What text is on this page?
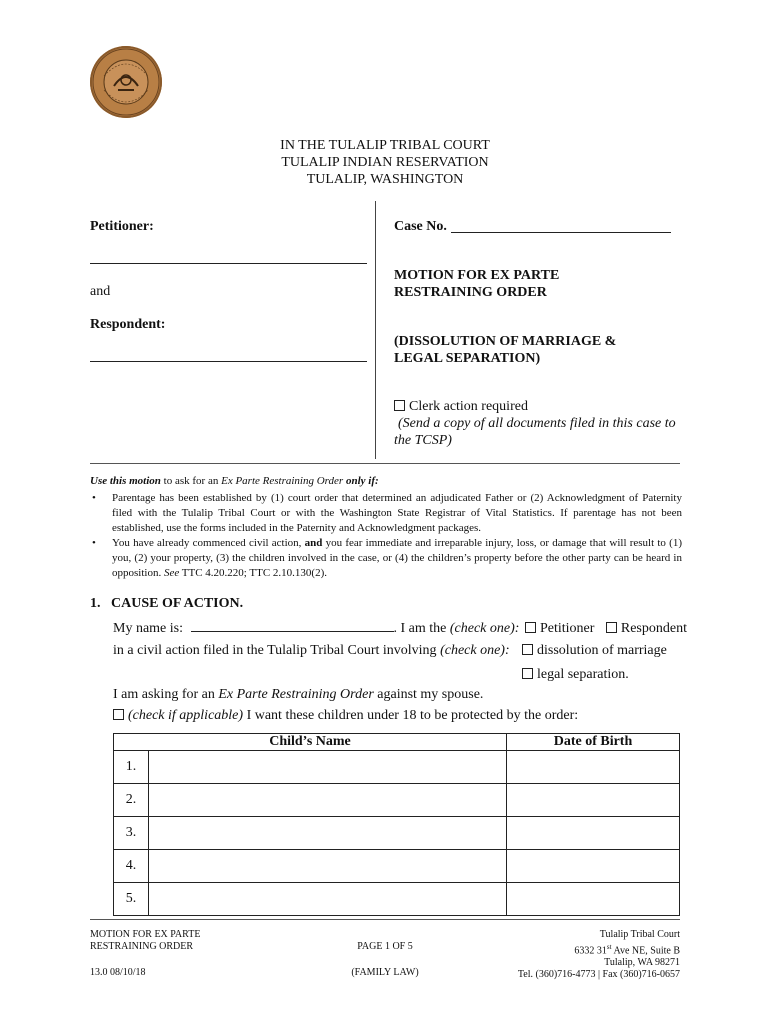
IN THE TULALIP TRIBAL COURT
TULALIP INDIAN RESERVATION
TULALIP, WASHINGTON
Petitioner:
and
Respondent:
Case No.
MOTION FOR EX PARTE
RESTRAINING ORDER
(DISSOLUTION OF MARRIAGE &
LEGAL SEPARATION)
Clerk action required
(Send a copy of all documents filed in this case to
the TCSP)
Use this motion to ask for an Ex Parte Restraining Order only if:
• Parentage has been established by (1) court order that determined an adjudicated Father or (2) Acknowledgment of Paternity filed with the Tulalip Tribal Court or with the Washington State Registrar of Vital Statistics. If parentage has not been established, use the forms included in the Paternity and Acknowledgment packages.
• You have already commenced civil action, and you fear immediate and irreparable injury, loss, or damage that will result to (1) you, (2) your property, (3) the children involved in the case, or (4) the children’s property before the other party can be heard in opposition. See TTC 4.20.220; TTC 2.10.130(2).
1.   CAUSE OF ACTION.
My name is:	. I am the (check one): Petitioner Respondent
in a civil action filed in the Tulalip Tribal Court involving (check one):	dissolution of marriage
legal separation.
I am asking for an Ex Parte Restraining Order against my spouse.
(check if applicable) I want these children under 18 to be protected by the order:
Child’s Name		Date of Birth
1.		
2.		
3.		
4.		
5.		
MOTION FOR EX PARTE
RESTRAINING ORDER
13.0 08/10/18
PAGE 1 OF 5
(FAMILY LAW)
Tulalip Tribal Court
6332 31st Ave NE, Suite B
Tulalip, WA 98271
Tel. (360)716-4773 | Fax (360)716-0657
